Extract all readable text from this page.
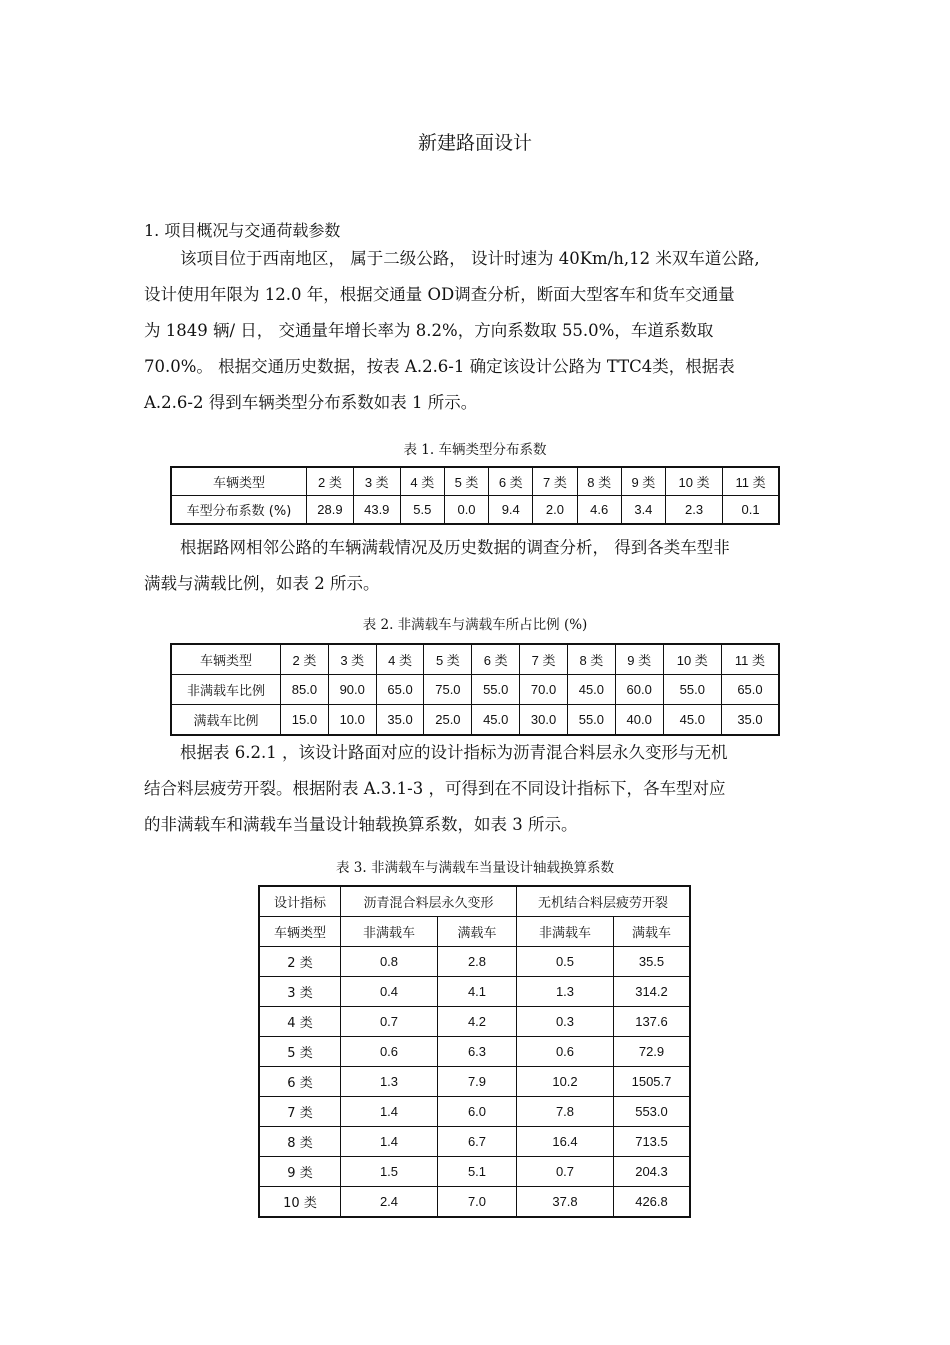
新建路面设计
1. 项目概况与交通荷载参数

该项目位于西南地区， 属于二级公路， 设计时速为 40Km/h,12 米双车道公路,
设计使用年限为 12.0 年，根据交通量 OD调查分析，断面大型客车和货车交通量
为 1849 辆/ 日， 交通量年增长率为 8.2%，方向系数取 55.0%，车道系数取
70.0%。 根据交通历史数据，按表 A.2.6-1 确定该设计公路为 TTC4类，根据表
A.2.6-2 得到车辆类型分布系数如表 1 所示。

表 1. 车辆类型分布系数
车辆类型	2 类	3 类	4 类	5 类	6 类	7 类	8 类	9 类	10 类	11 类
车型分布系数 (%)	28.9	43.9	5.5	0.0	9.4	2.0	4.6	3.4	2.3	0.1

根据路网相邻公路的车辆满载情况及历史数据的调查分析， 得到各类车型非
满载与满载比例，如表 2 所示。

表 2. 非满载车与满载车所占比例 (%)
车辆类型	2 类	3 类	4 类	5 类	6 类	7 类	8 类	9 类	10 类	11 类
非满载车比例	85.0	90.0	65.0	75.0	55.0	70.0	45.0	60.0	55.0	65.0
满载车比例	15.0	10.0	35.0	25.0	45.0	30.0	55.0	40.0	45.0	35.0

根据表 6.2.1 ，该设计路面对应的设计指标为沥青混合料层永久变形与无机
结合料层疲劳开裂。根据附表 A.3.1-3 ，可得到在不同设计指标下，各车型对应
的非满载车和满载车当量设计轴载换算系数，如表 3 所示。

表 3. 非满载车与满载车当量设计轴载换算系数
设计指标	沥青混合料层永久变形		无机结合料层疲劳开裂	
车辆类型	非满载车	满载车	非满载车	满载车
2 类	0.8	2.8	0.5	35.5
3 类	0.4	4.1	1.3	314.2
4 类	0.7	4.2	0.3	137.6
5 类	0.6	6.3	0.6	72.9
6 类	1.3	7.9	10.2	1505.7
7 类	1.4	6.0	7.8	553.0
8 类	1.4	6.7	16.4	713.5
9 类	1.5	5.1	0.7	204.3
10 类	2.4	7.0	37.8	426.8
